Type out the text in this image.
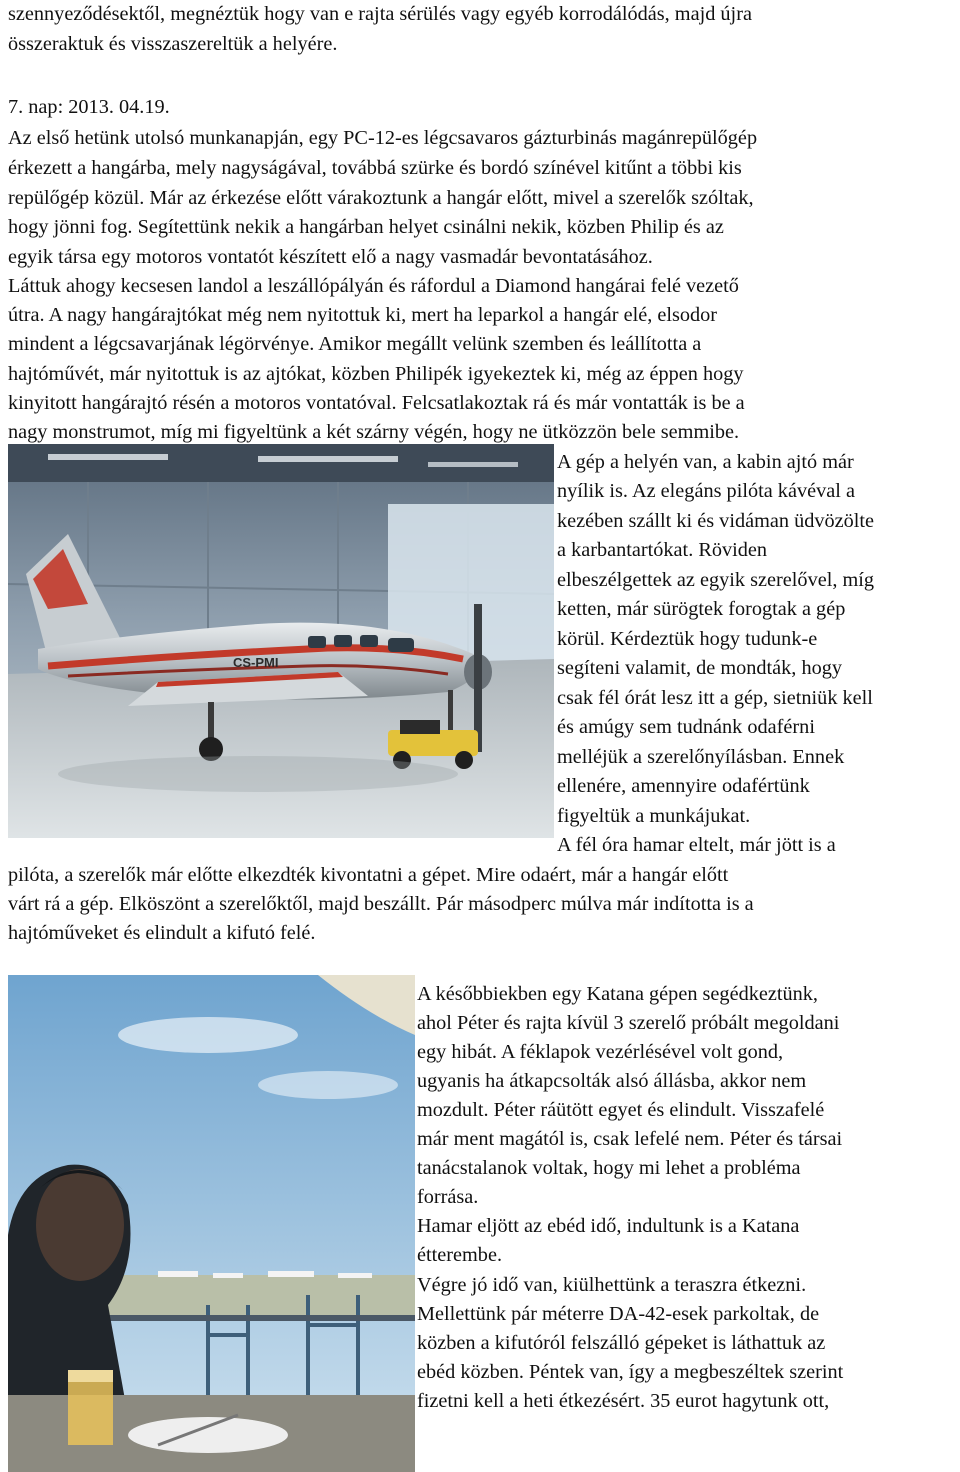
szennyeződésektől, megnéztük hogy van e rajta sérülés vagy egyéb korrodálódás, majd újra
összeraktuk és visszaszereltük a helyére.
7. nap: 2013. 04.19.
Az első hetünk utolsó munkanapján, egy PC-12-es légcsavaros gázturbinás magánrepülőgép
érkezett a hangárba, mely nagyságával, továbbá szürke és bordó színével kitűnt a többi kis
repülőgép közül. Már az érkezése előtt várakoztunk a hangár előtt, mivel a szerelők szóltak,
hogy jönni fog. Segítettünk nekik a hangárban helyet csinálni nekik, közben Philip és az
egyik társa egy motoros vontatót készített elő a nagy vasmadár bevontatásához.
Láttuk ahogy kecsesen landol a leszállópályán és ráfordul a Diamond hangárai felé vezető
útra. A nagy hangárajtókat még nem nyitottuk ki, mert ha leparkol a hangár elé, elsodor
mindent a légcsavarjának légörvénye. Amikor megállt velünk szemben és leállította a
hajtóművét, már nyitottuk is az ajtókat, közben Philipék igyekeztek ki, még az éppen hogy
kinyitott hangárajtó résén a motoros vontatóval. Felcsatlakoztak rá és már vontatták is be a
nagy monstrumot, míg mi figyeltünk a két szárny végén, hogy ne ütközzön bele semmibe.
A gép a helyén van, a kabin ajtó már
nyílik is. Az elegáns pilóta kávéval a
kezében szállt ki és vidáman üdvözölte
a karbantartókat. Röviden
elbeszélgettek az egyik szerelővel, míg
ketten, már sürögtek forogtak a gép
körül. Kérdeztük hogy tudunk-e
segíteni valamit, de mondták, hogy
csak fél órát lesz itt a gép, sietniük kell
és amúgy sem tudnánk odaférni
melléjük a szerelőnyílásban. Ennek
ellenére, amennyire odafértünk
figyeltük a munkájukat.
A fél óra hamar eltelt, már jött is a
pilóta, a szerelők már előtte elkezdték kivontatni a gépet. Mire odaért, már a hangár előtt
várt rá a gép. Elköszönt a szerelőktől, majd beszállt. Pár másodperc múlva már indította is a
hajtóműveket és elindult a kifutó felé.
A későbbiekben egy Katana gépen segédkeztünk,
ahol Péter és rajta kívül 3 szerelő próbált megoldani
egy hibát. A féklapok vezérlésével volt gond,
ugyanis ha átkapcsolták alsó állásba, akkor nem
mozdult. Péter ráütött egyet és elindult. Visszafelé
már ment magától is, csak lefelé nem. Péter és társai
tanácstalanok voltak, hogy mi lehet a probléma
forrása.
Hamar eljött az ebéd idő, indultunk is a Katana
étterembe.
Végre jó idő van, kiülhettünk a teraszra étkezni.
Mellettünk pár méterre DA-42-esek parkoltak, de
közben a kifutóról felszálló gépeket is láthattuk az
ebéd közben. Péntek van, így a megbeszéltek szerint
fizetni kell a heti étkezésért. 35 eurot hagytunk ott,
CS-PMI
